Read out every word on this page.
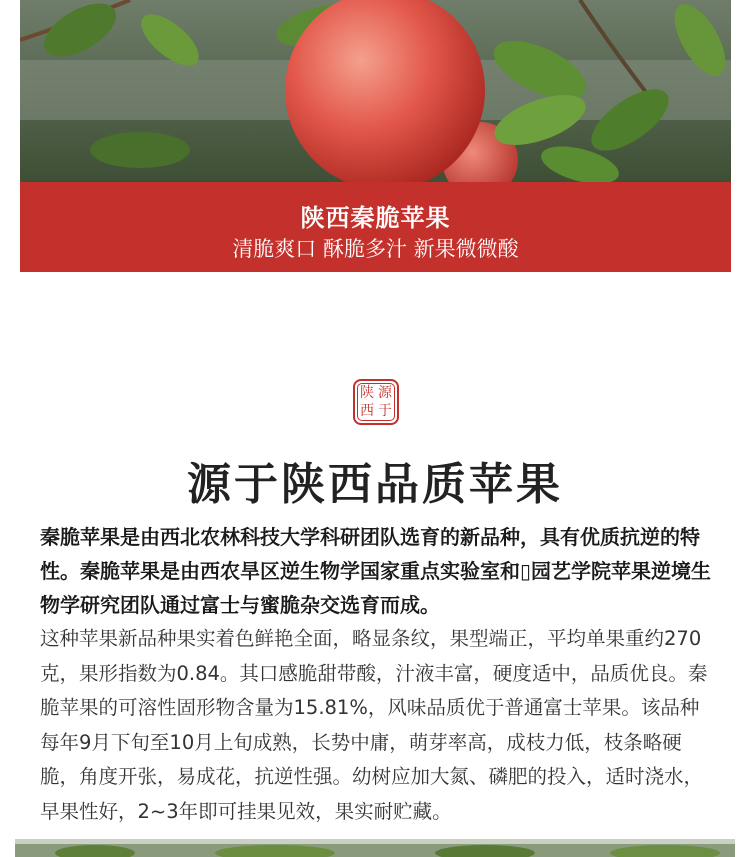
陕西秦脆苹果
清脆爽口 酥脆多汁 新果微微酸
陕 源
西 于
源于陕西品质苹果
秦脆苹果是由西北农林科技大学科研团队选育的新品种，具有优质抗逆的特性。秦脆苹果是由西农旱区逆生物学国家重点实验室和▯园艺学院苹果逆境生物学研究团队通过富士与蜜脆杂交选育而成。
这种苹果新品种果实着色鲜艳全面，略显条纹，果型端正，平均单果重约270克，果形指数为0.84。其口感脆甜带酸，汁液丰富，硬度适中，品质优良。秦脆苹果的可溶性固形物含量为15.81%，风味品质优于普通富士苹果。该品种每年9月下旬至10月上旬成熟，长势中庸，萌芽率高，成枝力低，枝条略硬脆，角度开张，易成花，抗逆性强。幼树应加大氮、磷肥的投入，适时浇水，早果性好，2~3年即可挂果见效，果实耐贮藏。
